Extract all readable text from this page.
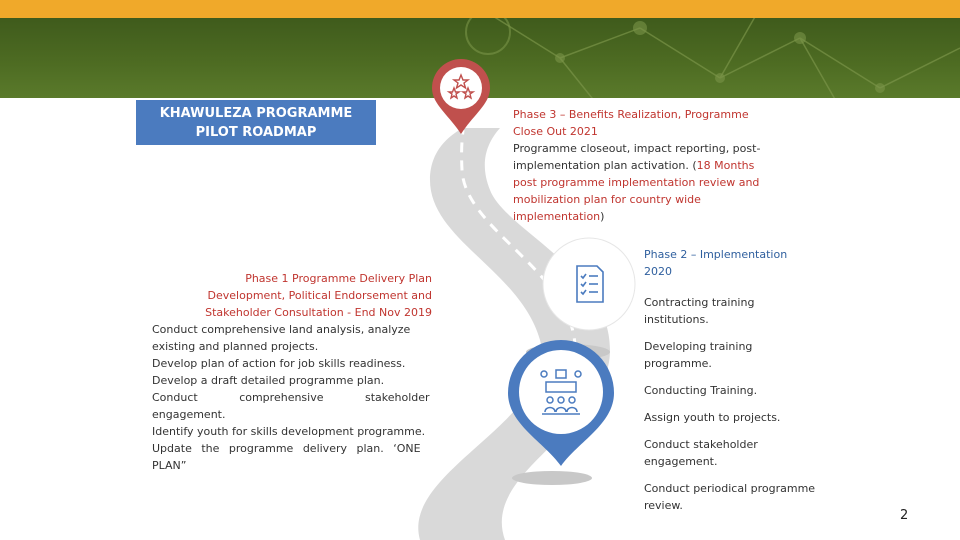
KHAWULEZA PROGRAMME
PILOT ROADMAP
Phase 3 – Benefits Realization, Programme
Close Out 2021
Programme closeout, impact reporting, post-
implementation plan activation. (18 Months
post programme implementation review and
mobilization plan for country wide
implementation)
Phase 1 Programme Delivery Plan
Development, Political Endorsement and
Stakeholder Consultation - End Nov 2019
Conduct comprehensive land analysis, analyze
existing and planned projects.
Develop plan of action for job skills readiness.
Develop a draft detailed programme plan.
Conduct comprehensive stakeholder
engagement.
Identify youth for skills development programme.
Update the programme delivery plan. ‘ONE
PLAN”

Phase 2 – Implementation
2020

Contracting training institutions.

Developing training programme.

Conducting Training.

Assign youth to projects.

Conduct stakeholder engagement.

Conduct periodical programme review.

2
